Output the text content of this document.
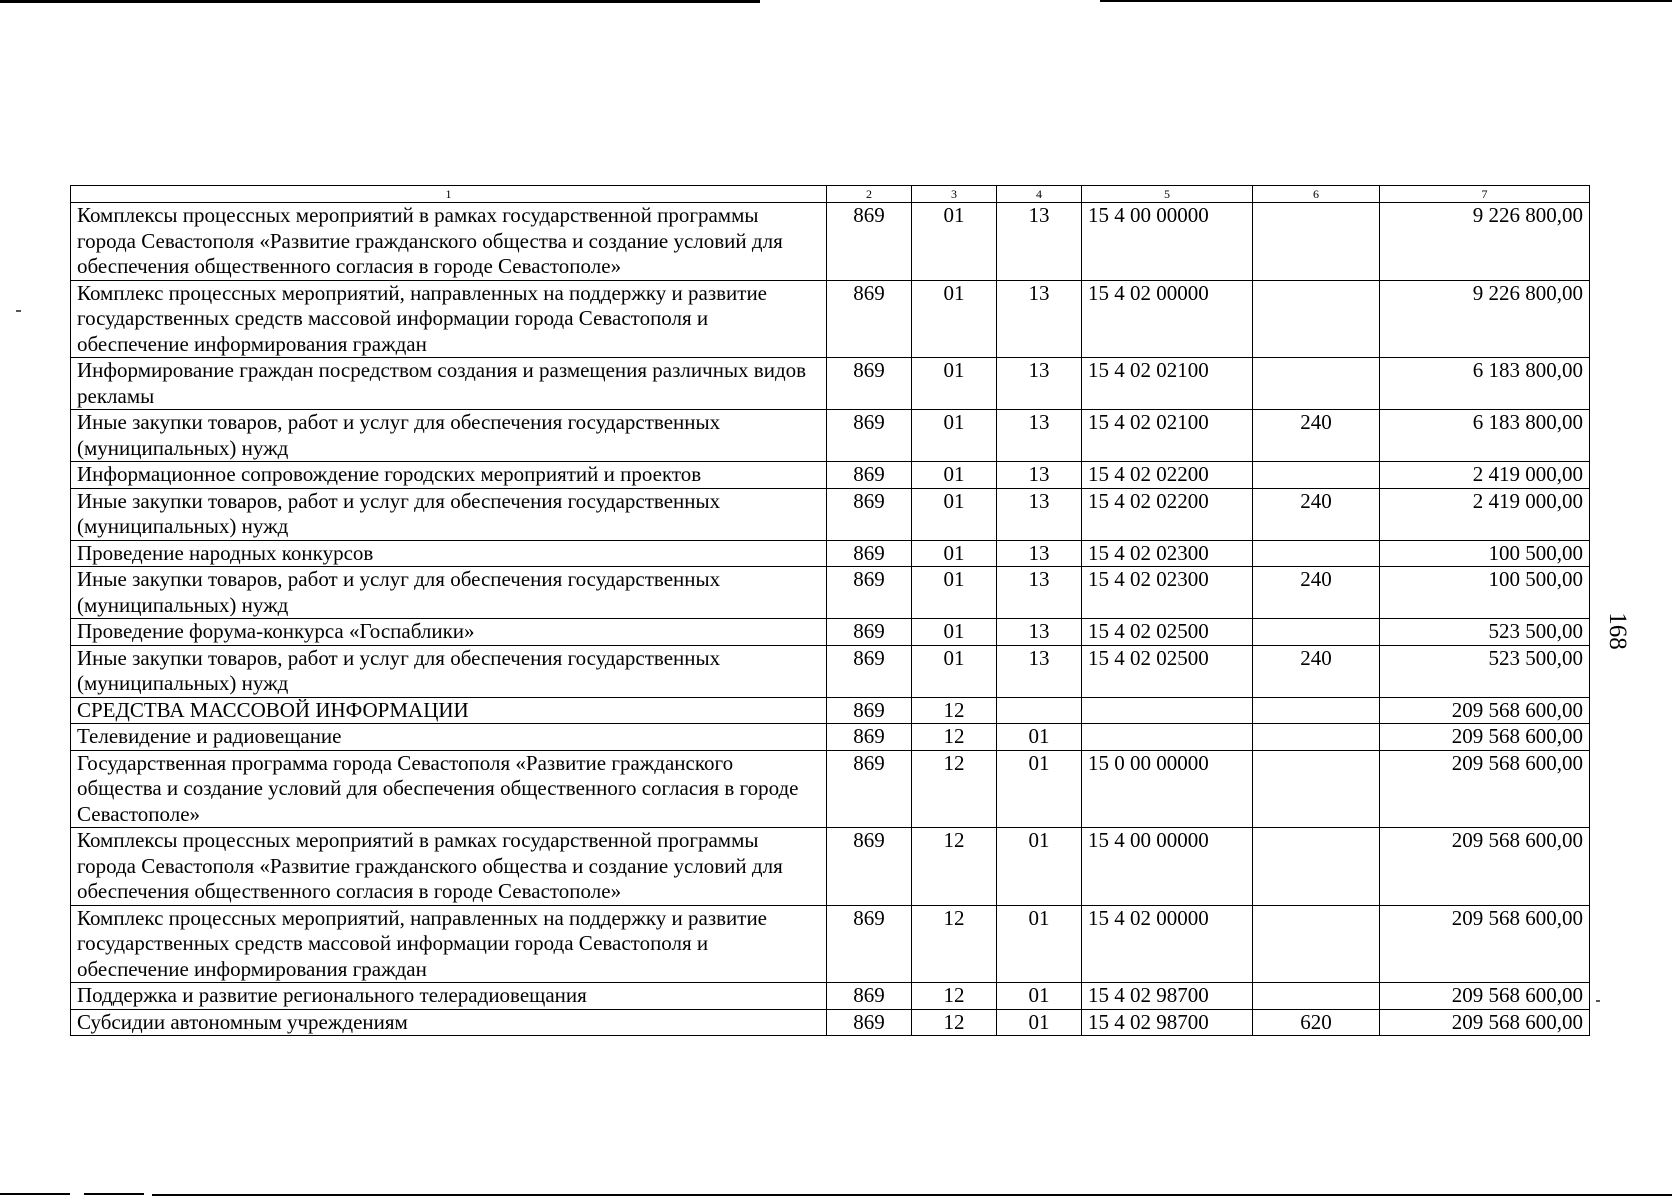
168
1	2	3	4	5	6	7
Комплексы процессных мероприятий в рамках государственной программы города Севастополя «Развитие гражданского общества и создание условий для обеспечения общественного согласия в городе Севастополе»	869	01	13	15 4 00 00000		9 226 800,00
Комплекс процессных мероприятий, направленных на поддержку и развитие государственных средств массовой информации города Севастополя и обеспечение информирования граждан	869	01	13	15 4 02 00000		9 226 800,00
Информирование граждан посредством создания и размещения различных видов рекламы	869	01	13	15 4 02 02100		6 183 800,00
Иные закупки товаров, работ и услуг для обеспечения государственных (муниципальных) нужд	869	01	13	15 4 02 02100	240	6 183 800,00
Информационное сопровождение городских мероприятий и проектов	869	01	13	15 4 02 02200		2 419 000,00
Иные закупки товаров, работ и услуг для обеспечения государственных (муниципальных) нужд	869	01	13	15 4 02 02200	240	2 419 000,00
Проведение народных конкурсов	869	01	13	15 4 02 02300		100 500,00
Иные закупки товаров, работ и услуг для обеспечения государственных (муниципальных) нужд	869	01	13	15 4 02 02300	240	100 500,00
Проведение форума-конкурса «Госпаблики»	869	01	13	15 4 02 02500		523 500,00
Иные закупки товаров, работ и услуг для обеспечения государственных (муниципальных) нужд	869	01	13	15 4 02 02500	240	523 500,00
СРЕДСТВА МАССОВОЙ ИНФОРМАЦИИ	869	12				209 568 600,00
Телевидение и радиовещание	869	12	01			209 568 600,00
Государственная программа города Севастополя «Развитие гражданского общества и создание условий для обеспечения общественного согласия в городе Севастополе»	869	12	01	15 0 00 00000		209 568 600,00
Комплексы процессных мероприятий в рамках государственной программы города Севастополя «Развитие гражданского общества и создание условий для обеспечения общественного согласия в городе Севастополе»	869	12	01	15 4 00 00000		209 568 600,00
Комплекс процессных мероприятий, направленных на поддержку и развитие государственных средств массовой информации города Севастополя и обеспечение информирования граждан	869	12	01	15 4 02 00000		209 568 600,00
Поддержка и развитие регионального телерадиовещания	869	12	01	15 4 02 98700		209 568 600,00
Субсидии автономным учреждениям	869	12	01	15 4 02 98700	620	209 568 600,00
